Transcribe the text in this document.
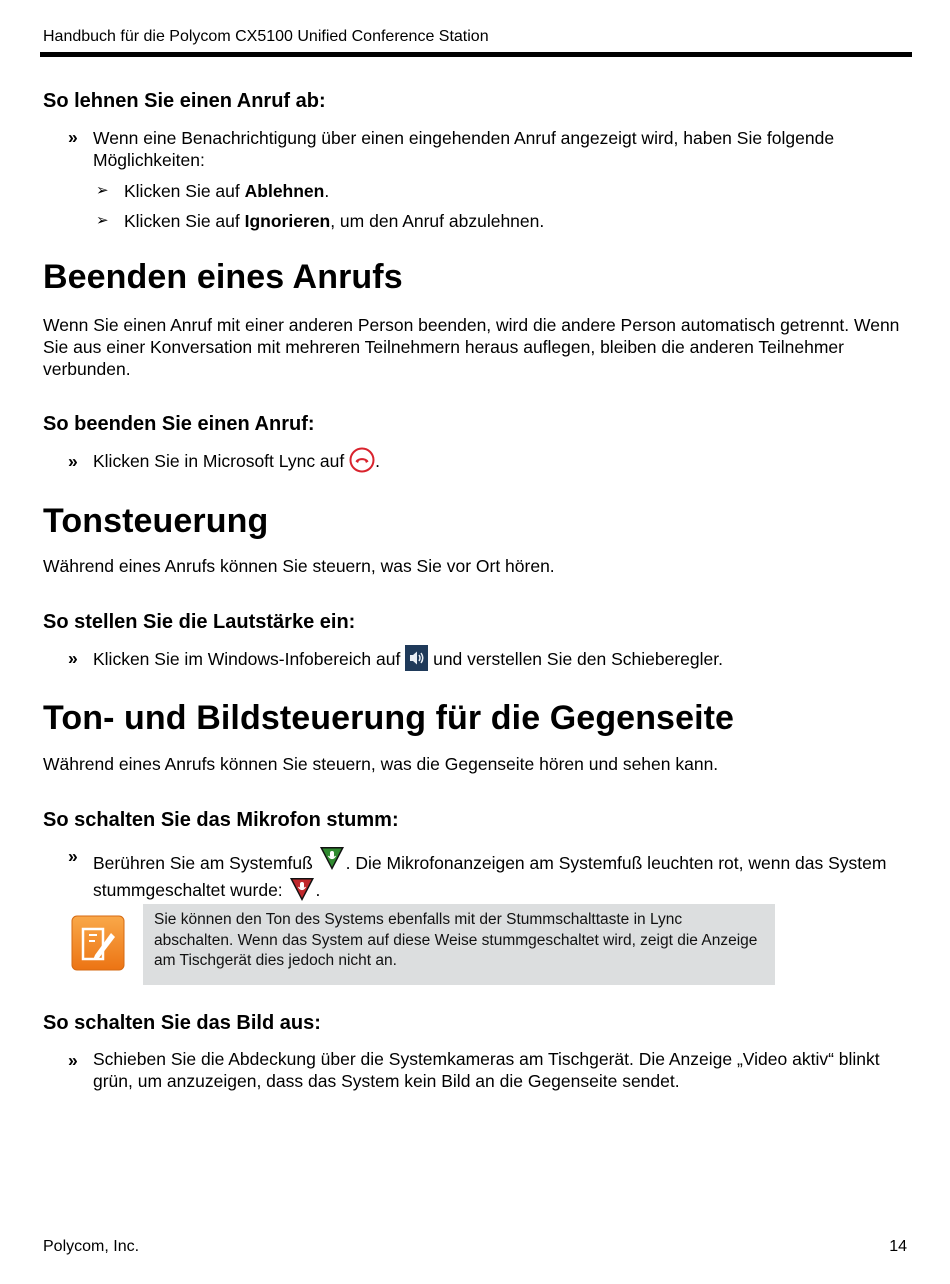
Handbuch für die Polycom CX5100 Unified Conference Station
So lehnen Sie einen Anruf ab:
» Wenn eine Benachrichtigung über einen eingehenden Anruf angezeigt wird, haben Sie folgende Möglichkeiten:
➢ Klicken Sie auf Ablehnen.
➢ Klicken Sie auf Ignorieren, um den Anruf abzulehnen.
Beenden eines Anrufs
Wenn Sie einen Anruf mit einer anderen Person beenden, wird die andere Person automatisch getrennt. Wenn Sie aus einer Konversation mit mehreren Teilnehmern heraus auflegen, bleiben die anderen Teilnehmer verbunden.
So beenden Sie einen Anruf:
» Klicken Sie in Microsoft Lync auf .
Tonsteuerung
Während eines Anrufs können Sie steuern, was Sie vor Ort hören.
So stellen Sie die Lautstärke ein:
» Klicken Sie im Windows-Infobereich auf  und verstellen Sie den Schieberegler.
Ton- und Bildsteuerung für die Gegenseite
Während eines Anrufs können Sie steuern, was die Gegenseite hören und sehen kann.
So schalten Sie das Mikrofon stumm:
» Berühren Sie am Systemfuß . Die Mikrofonanzeigen am Systemfuß leuchten rot, wenn das System stummgeschaltet wurde: .
Sie können den Ton des Systems ebenfalls mit der Stummschalttaste in Lync abschalten. Wenn das System auf diese Weise stummgeschaltet wird, zeigt die Anzeige am Tischgerät dies jedoch nicht an.
So schalten Sie das Bild aus:
» Schieben Sie die Abdeckung über die Systemkameras am Tischgerät. Die Anzeige „Video aktiv“ blinkt grün, um anzuzeigen, dass das System kein Bild an die Gegenseite sendet.
Polycom, Inc.	14
